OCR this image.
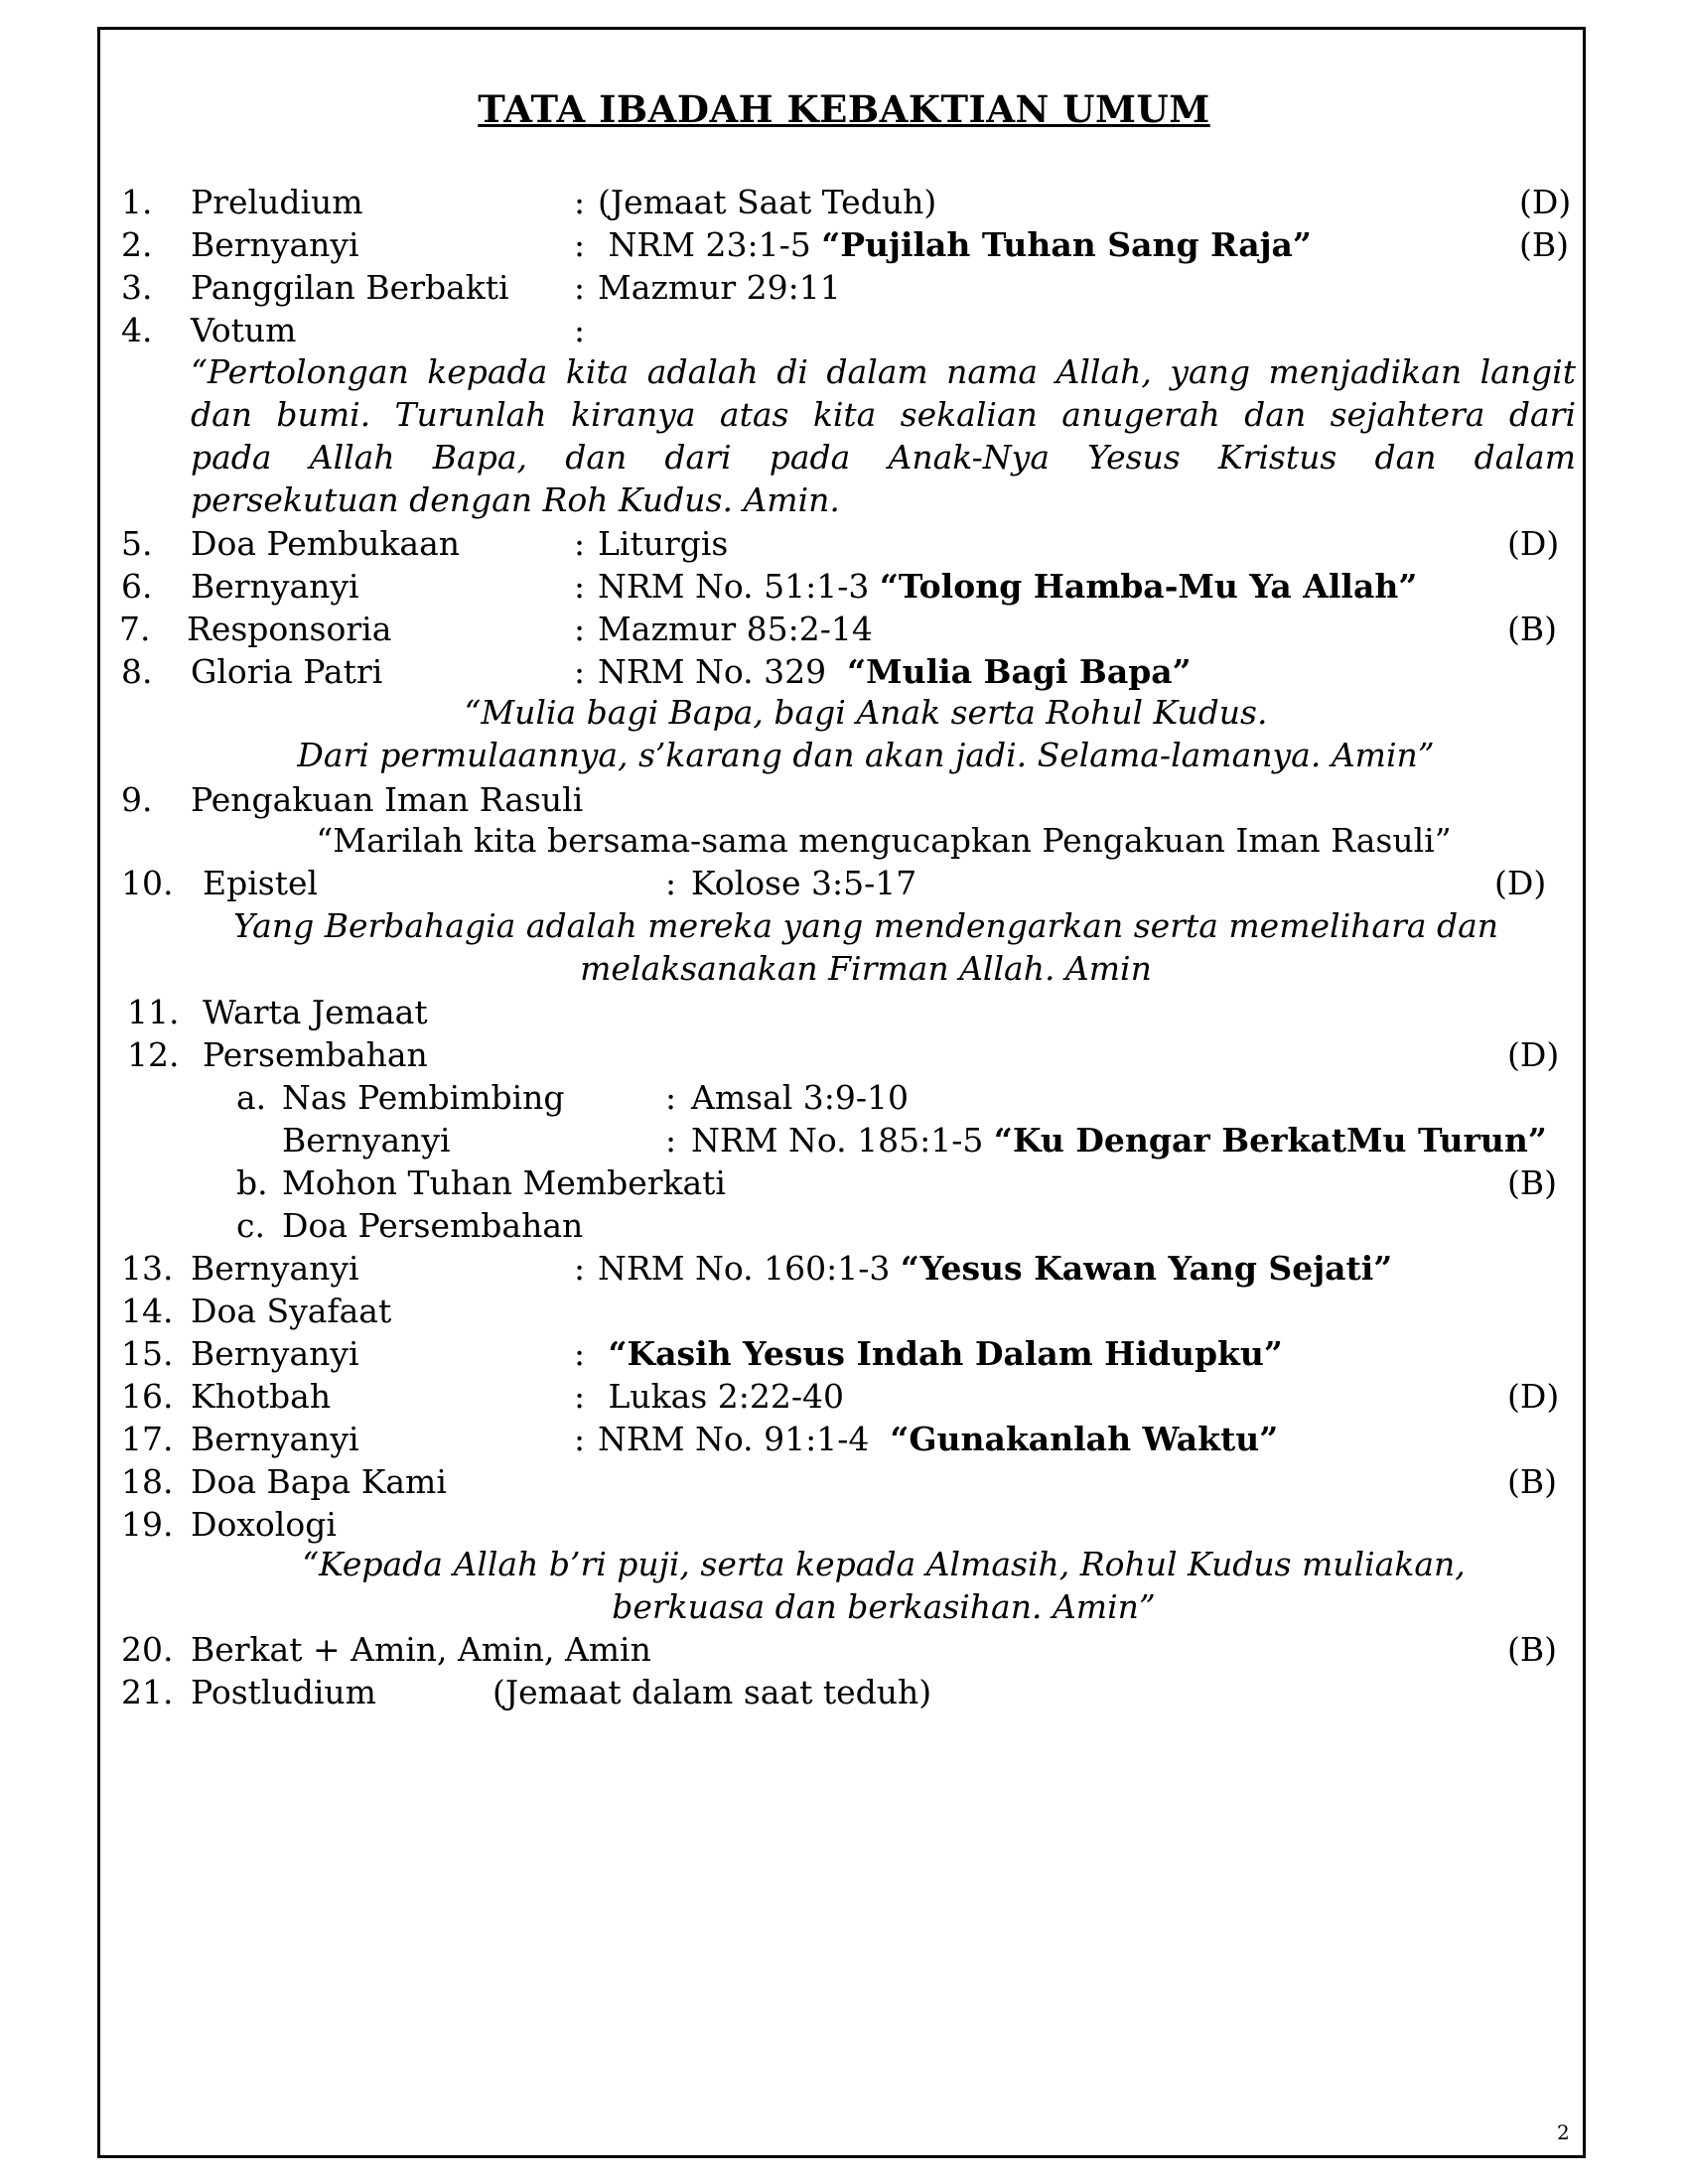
TATA IBADAH KEBAKTIAN UMUM
1. Preludium	: (Jemaat Saat Teduh)	(D)
2. Bernyanyi	: NRM 23:1-5 “Pujilah Tuhan Sang Raja”	(B)
3. Panggilan Berbakti : Mazmur 29:11
4. Votum	:
5. Doa Pembukaan	: Liturgis	(D)
6. Bernyanyi	: NRM No. 51:1-3 “Tolong Hamba-Mu Ya Allah”
7. Responsoria	: Mazmur 85:2-14	(B)
8. Gloria Patri	: NRM No. 329  “Mulia Bagi Bapa”
9. Pengakuan Iman Rasuli
10. Epistel	: Kolose 3:5-17	(D)
11. Warta Jemaat
12. Persembahan	(D)
a. Nas Pembimbing	: Amsal 3:9-10
Bernyanyi	: NRM No. 185:1-5 “Ku Dengar BerkatMu Turun”
b. Mohon Tuhan Memberkati	(B)
c. Doa Persembahan
13. Bernyanyi	: NRM No. 160:1-3 “Yesus Kawan Yang Sejati”
14. Doa Syafaat
15. Bernyanyi	: “Kasih Yesus Indah Dalam Hidupku”
16. Khotbah	: Lukas 2:22-40	(D)
17. Bernyanyi	: NRM No. 91:1-4  “Gunakanlah Waktu”
18. Doa Bapa Kami	(B)
19. Doxologi
20. Berkat + Amin, Amin, Amin	(B)
21. Postludium	(Jemaat dalam saat teduh)
“Pertolongan kepada kita adalah di dalam nama Allah, yang menjadikan langit
dan bumi. Turunlah kiranya atas kita sekalian anugerah dan sejahtera dari
pada Allah Bapa, dan dari pada Anak-Nya Yesus Kristus dan dalam
persekutuan dengan Roh Kudus. Amin.
“Mulia bagi Bapa, bagi Anak serta Rohul Kudus.
Dari permulaannya, s’karang dan akan jadi. Selama-lamanya. Amin”
“Marilah kita bersama-sama mengucapkan Pengakuan Iman Rasuli”
Yang Berbahagia adalah mereka yang mendengarkan serta memelihara dan
melaksanakan Firman Allah. Amin
“Kepada Allah b’ri puji, serta kepada Almasih, Rohul Kudus muliakan,
berkuasa dan berkasihan. Amin”
2
